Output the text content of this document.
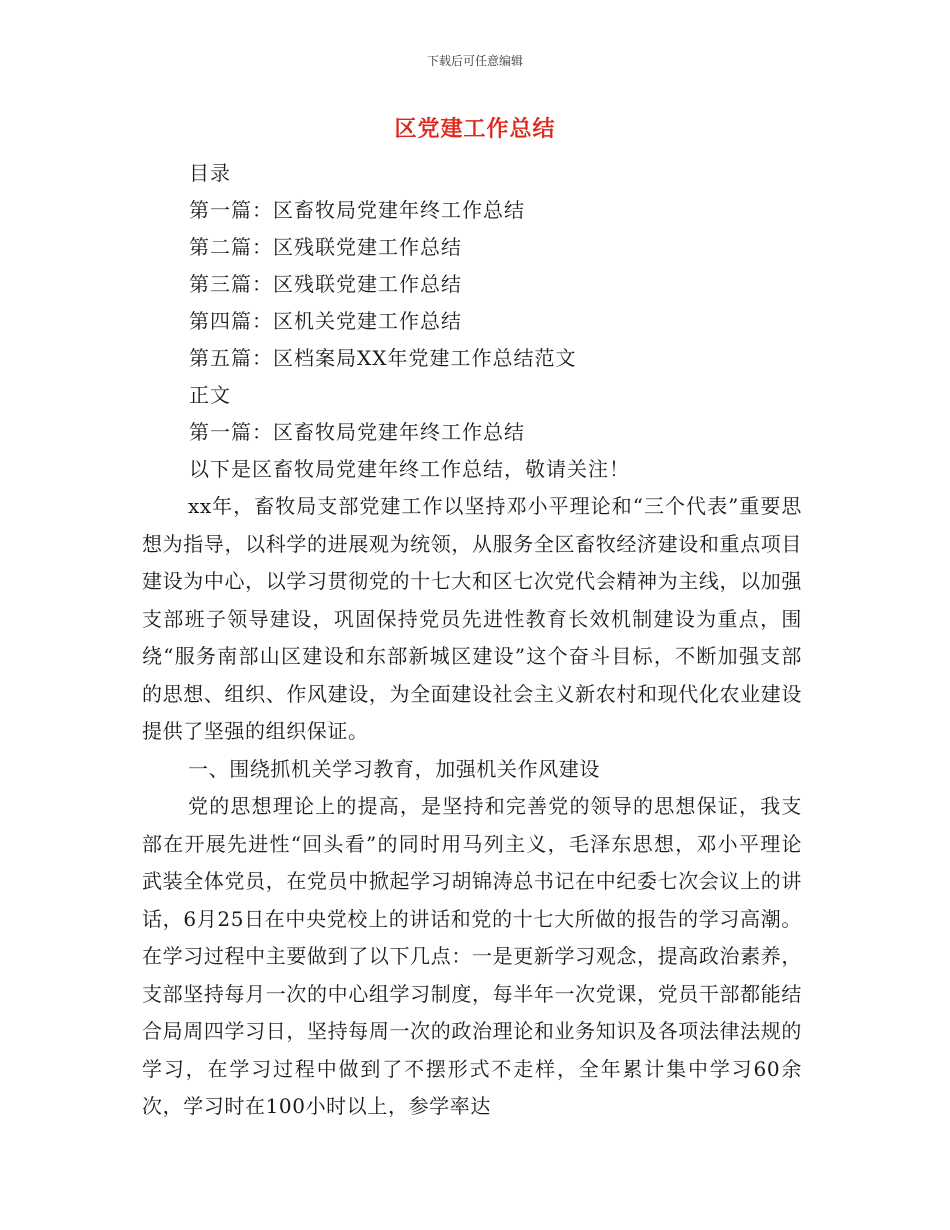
下载后可任意编辑
区党建工作总结
目录
第一篇：区畜牧局党建年终工作总结
第二篇：区残联党建工作总结
第三篇：区残联党建工作总结
第四篇：区机关党建工作总结
第五篇：区档案局XX年党建工作总结范文
正文
第一篇：区畜牧局党建年终工作总结
以下是区畜牧局党建年终工作总结，敬请关注！

xx年，畜牧局支部党建工作以坚持邓小平理论和“三个代表”重要思想为指导，以科学的进展观为统领，从服务全区畜牧经济建设和重点项目建设为中心，以学习贯彻党的十七大和区七次党代会精神为主线，以加强支部班子领导建设，巩固保持党员先进性教育长效机制建设为重点，围绕“服务南部山区建设和东部新城区建设”这个奋斗目标，不断加强支部的思想、组织、作风建设，为全面建设社会主义新农村和现代化农业建设提供了坚强的组织保证。

一、围绕抓机关学习教育，加强机关作风建设

党的思想理论上的提高，是坚持和完善党的领导的思想保证，我支部在开展先进性“回头看”的同时用马列主义，毛泽东思想，邓小平理论武装全体党员，在党员中掀起学习胡锦涛总书记在中纪委七次会议上的讲话，6月25日在中央党校上的讲话和党的十七大所做的报告的学习高潮。在学习过程中主要做到了以下几点：一是更新学习观念，提高政治素养，支部坚持每月一次的中心组学习制度，每半年一次党课，党员干部都能结合局周四学习日，坚持每周一次的政治理论和业务知识及各项法律法规的学习，在学习过程中做到了不摆形式不走样，全年累计集中学习60余次，学习时在100小时以上，参学率达
